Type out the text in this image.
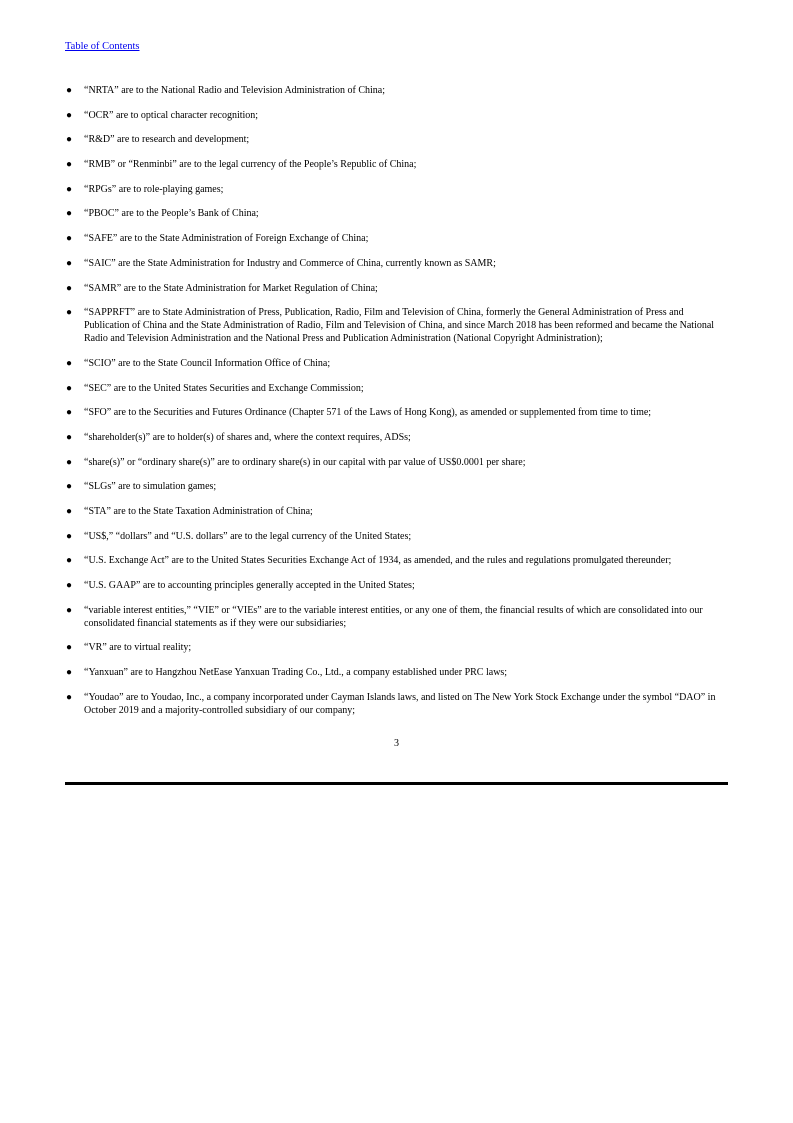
Table of Contents
● “NRTA” are to the National Radio and Television Administration of China;
● “OCR” are to optical character recognition;
● “R&D” are to research and development;
● “RMB” or “Renminbi” are to the legal currency of the People’s Republic of China;
● “RPGs” are to role-playing games;
● “PBOC” are to the People’s Bank of China;
● “SAFE” are to the State Administration of Foreign Exchange of China;
● “SAIC” are the State Administration for Industry and Commerce of China, currently known as SAMR;
● “SAMR” are to the State Administration for Market Regulation of China;
● “SAPPRFT” are to State Administration of Press, Publication, Radio, Film and Television of China, formerly the General Administration of Press and Publication of China and the State Administration of Radio, Film and Television of China, and since March 2018 has been reformed and became the National Radio and Television Administration and the National Press and Publication Administration (National Copyright Administration);
● “SCIO” are to the State Council Information Office of China;
● “SEC” are to the United States Securities and Exchange Commission;
● “SFO” are to the Securities and Futures Ordinance (Chapter 571 of the Laws of Hong Kong), as amended or supplemented from time to time;
● “shareholder(s)” are to holder(s) of shares and, where the context requires, ADSs;
● “share(s)” or “ordinary share(s)” are to ordinary share(s) in our capital with par value of US$0.0001 per share;
● “SLGs” are to simulation games;
● “STA” are to the State Taxation Administration of China;
● “US$,” “dollars” and “U.S. dollars” are to the legal currency of the United States;
● “U.S. Exchange Act” are to the United States Securities Exchange Act of 1934, as amended, and the rules and regulations promulgated thereunder;
● “U.S. GAAP” are to accounting principles generally accepted in the United States;
● “variable interest entities,” “VIE” or “VIEs” are to the variable interest entities, or any one of them, the financial results of which are consolidated into our consolidated financial statements as if they were our subsidiaries;
● “VR” are to virtual reality;
● “Yanxuan” are to Hangzhou NetEase Yanxuan Trading Co., Ltd., a company established under PRC laws;
● “Youdao” are to Youdao, Inc., a company incorporated under Cayman Islands laws, and listed on The New York Stock Exchange under the symbol “DAO” in October 2019 and a majority-controlled subsidiary of our company;
3
